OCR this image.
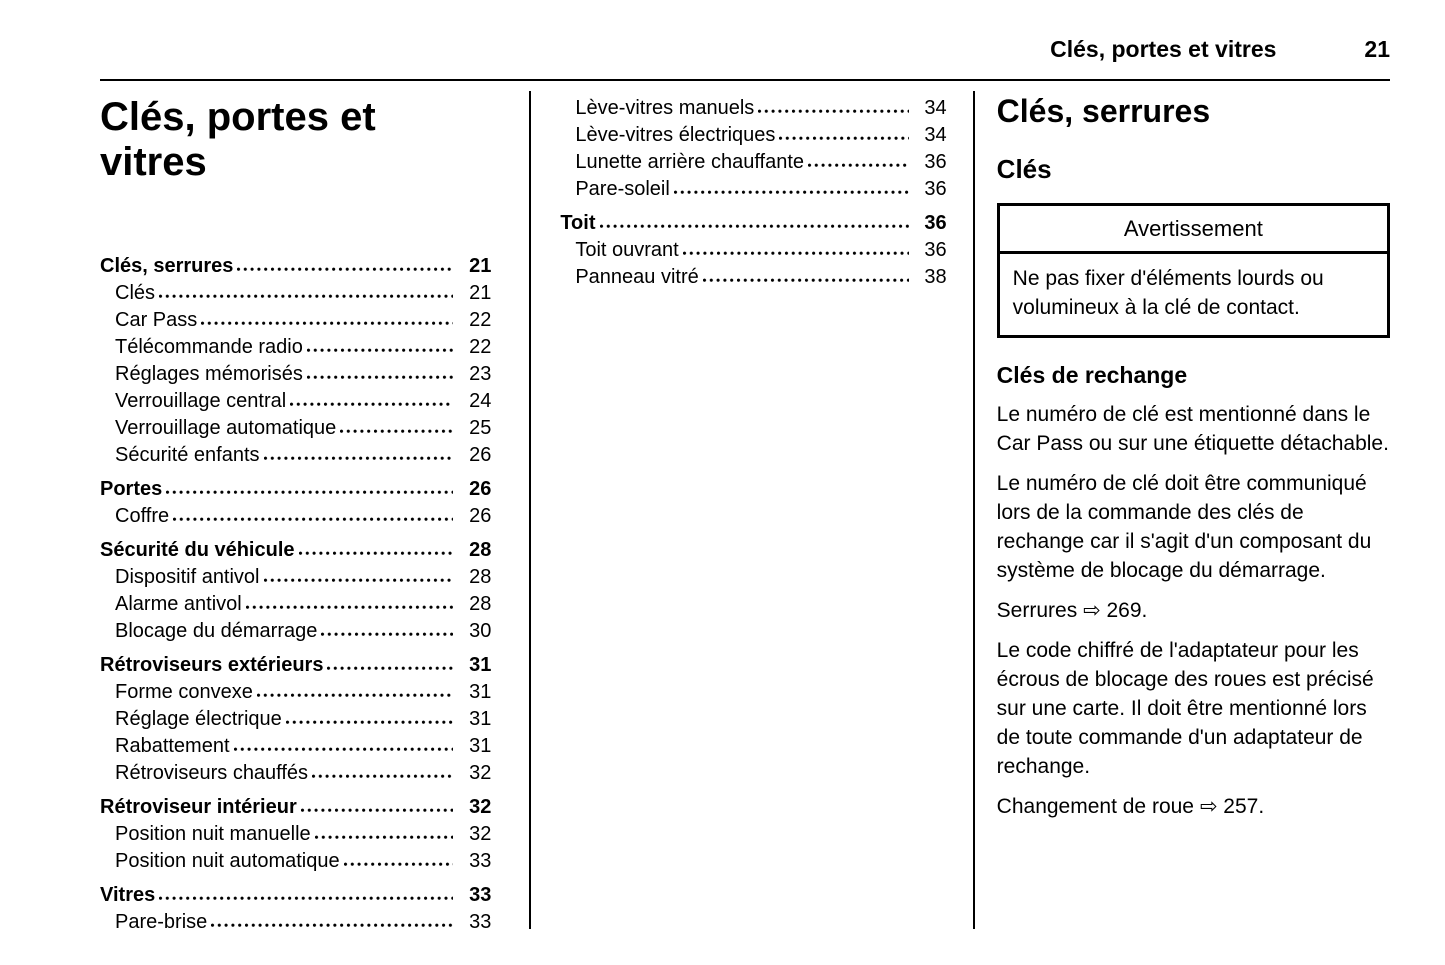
Clés, portes et vitres	21
Clés, portes et vitres
Clés, serrures	21
Clés	21
Car Pass	22
Télécommande radio	22
Réglages mémorisés	23
Verrouillage central	24
Verrouillage automatique	25
Sécurité enfants	26
Portes	26
Coffre	26
Sécurité du véhicule	28
Dispositif antivol	28
Alarme antivol	28
Blocage du démarrage	30
Rétroviseurs extérieurs	31
Forme convexe	31
Réglage électrique	31
Rabattement	31
Rétroviseurs chauffés	32
Rétroviseur intérieur	32
Position nuit manuelle	32
Position nuit automatique	33
Vitres	33
Pare-brise	33
Lève-vitres manuels	34
Lève-vitres électriques	34
Lunette arrière chauffante	36
Pare-soleil	36
Toit	36
Toit ouvrant	36
Panneau vitré	38
Clés, serrures
Clés
Avertissement
Ne pas fixer d'éléments lourds ou volumineux à la clé de contact.
Clés de rechange

Le numéro de clé est mentionné dans le Car Pass ou sur une étiquette détachable.

Le numéro de clé doit être communiqué lors de la commande des clés de rechange car il s'agit d'un composant du système de blocage du démarrage.

Serrures ⇨ 269.

Le code chiffré de l'adaptateur pour les écrous de blocage des roues est précisé sur une carte. Il doit être mentionné lors de toute commande d'un adaptateur de rechange.

Changement de roue ⇨ 257.
